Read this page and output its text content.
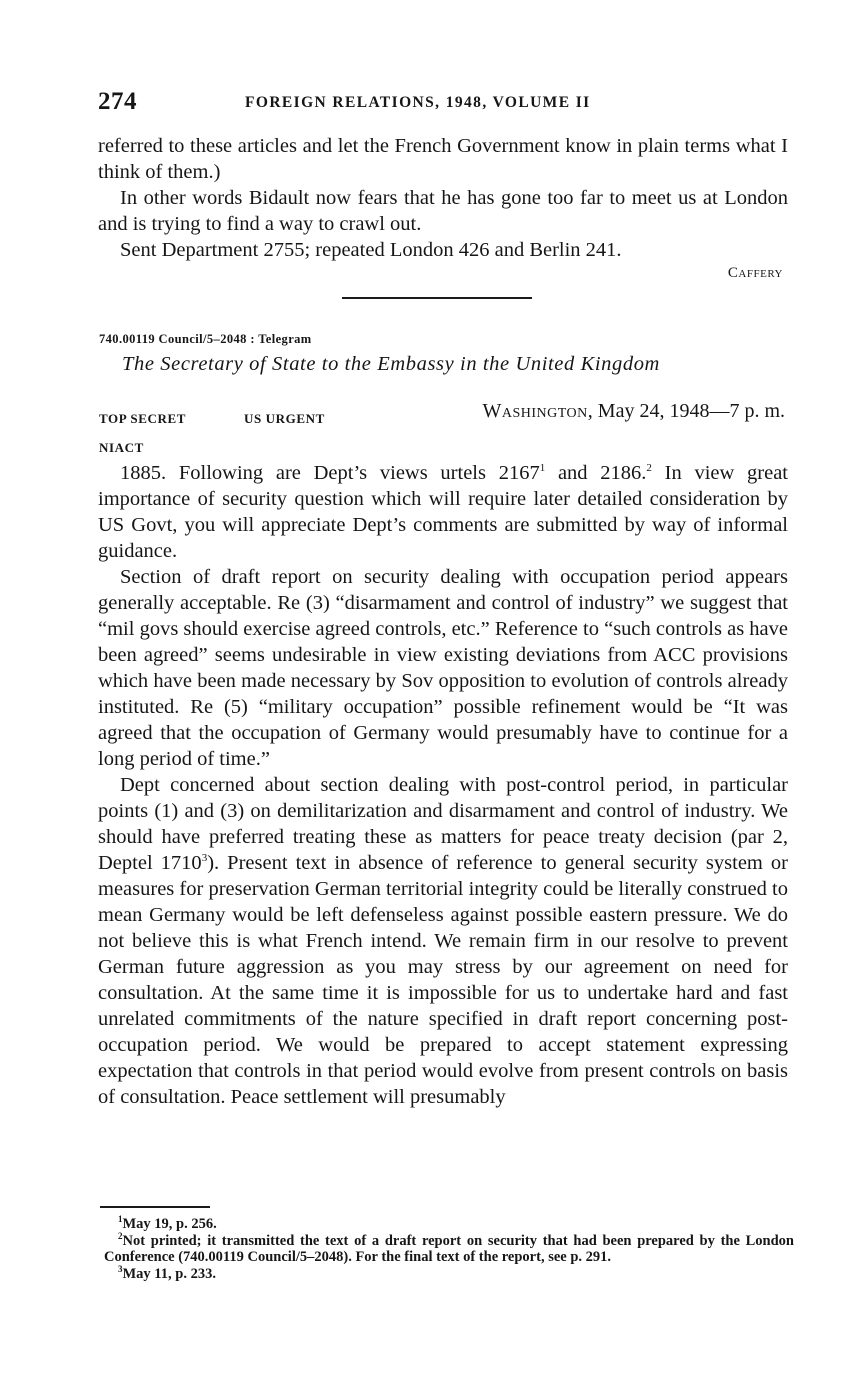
274	FOREIGN RELATIONS, 1948, VOLUME II

referred to these articles and let the French Government know in plain terms what I think of them.)

In other words Bidault now fears that he has gone too far to meet us at London and is trying to find a way to crawl out.

Sent Department 2755; repeated London 426 and Berlin 241.

Caffery
740.00119 Council/5–2048 : Telegram
The Secretary of State to the Embassy in the United Kingdom
TOP SECRET	US URGENT	Washington, May 24, 1948—7 p. m.
NIACT

1885. Following are Dept’s views urtels 2167$^1$ and 2186.$^2$ In view great importance of security question which will require later detailed consideration by US Govt, you will appreciate Dept’s comments are submitted by way of informal guidance.

Section of draft report on security dealing with occupation period appears generally acceptable. Re (3) “disarmament and control of industry” we suggest that “mil govs should exercise agreed controls, etc.” Reference to “such controls as have been agreed” seems undesirable in view existing deviations from ACC provisions which have been made necessary by Sov opposition to evolution of controls already instituted. Re (5) “military occupation” possible refinement would be “It was agreed that the occupation of Germany would presumably have to continue for a long period of time.”

Dept concerned about section dealing with post-control period, in particular points (1) and (3) on demilitarization and disarmament and control of industry. We should have preferred treating these as matters for peace treaty decision (par 2, Deptel 1710$^3$). Present text in absence of reference to general security system or measures for preservation German territorial integrity could be literally construed to mean Germany would be left defenseless against possible eastern pressure. We do not believe this is what French intend. We remain firm in our resolve to prevent German future aggression as you may stress by our agreement on need for consultation. At the same time it is impossible for us to undertake hard and fast unrelated commitments of the nature specified in draft report concerning post-occupation period. We would be prepared to accept statement expressing expectation that controls in that period would evolve from present controls on basis of consultation. Peace settlement will presumably

$^1$May 19, p. 256.

$^2$Not printed; it transmitted the text of a draft report on security that had been prepared by the London Conference (740.00119 Council/5–2048). For the final text of the report, see p. 291.

$^3$May 11, p. 233.
